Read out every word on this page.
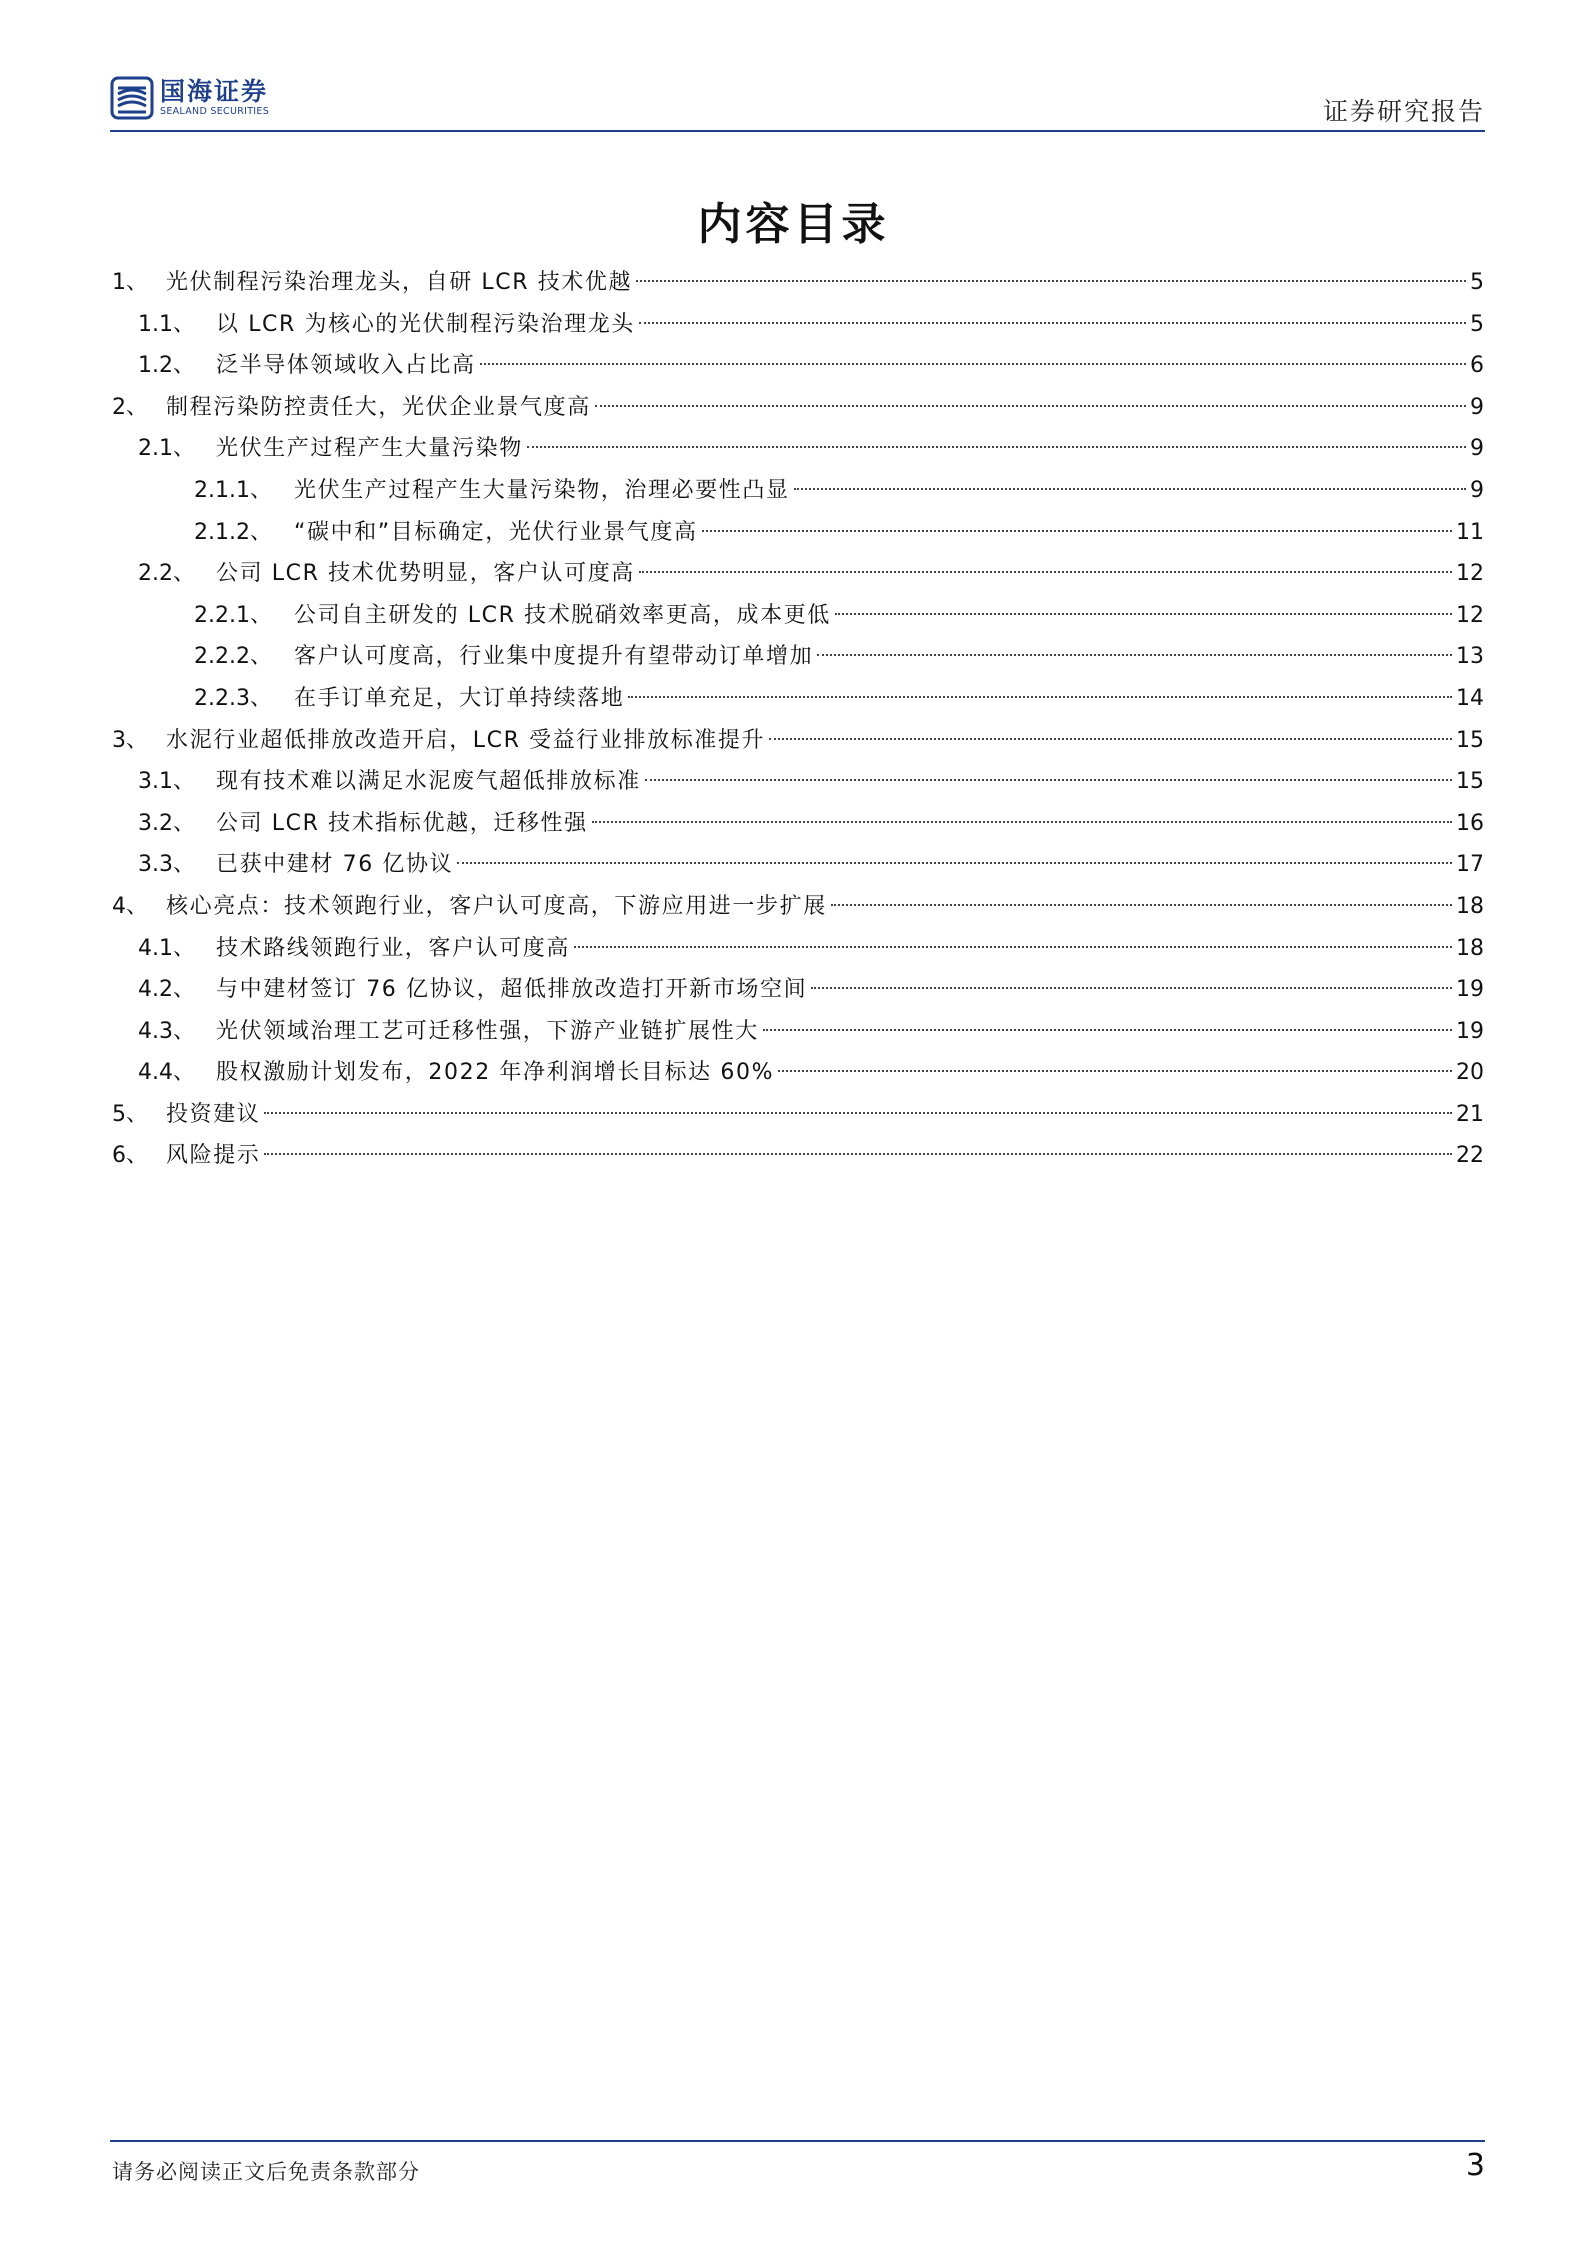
国海证券
SEALAND SECURITIES	证券研究报告
内容目录
1、 光伏制程污染治理龙头，自研 LCR 技术优越	5
1.1、 以 LCR 为核心的光伏制程污染治理龙头	5
1.2、 泛半导体领域收入占比高	6
2、 制程污染防控责任大，光伏企业景气度高	9
2.1、 光伏生产过程产生大量污染物	9
2.1.1、	光伏生产过程产生大量污染物，治理必要性凸显	9
2.1.2、	“碳中和”目标确定，光伏行业景气度高	11
2.2、 公司 LCR 技术优势明显，客户认可度高	12
2.2.1、	公司自主研发的 LCR 技术脱硝效率更高，成本更低	12
2.2.2、	客户认可度高，行业集中度提升有望带动订单增加	13
2.2.3、	在手订单充足，大订单持续落地	14
3、 水泥行业超低排放改造开启，LCR 受益行业排放标准提升	15
3.1、 现有技术难以满足水泥废气超低排放标准	15
3.2、 公司 LCR 技术指标优越，迁移性强	16
3.3、 已获中建材 76 亿协议	17
4、 核心亮点：技术领跑行业，客户认可度高，下游应用进一步扩展	18
4.1、 技术路线领跑行业，客户认可度高	18
4.2、 与中建材签订 76 亿协议，超低排放改造打开新市场空间	19
4.3、 光伏领域治理工艺可迁移性强，下游产业链扩展性大	19
4.4、 股权激励计划发布，2022 年净利润增长目标达 60%	20
5、 投资建议	21
6、 风险提示	22
请务必阅读正文后免责条款部分	3
